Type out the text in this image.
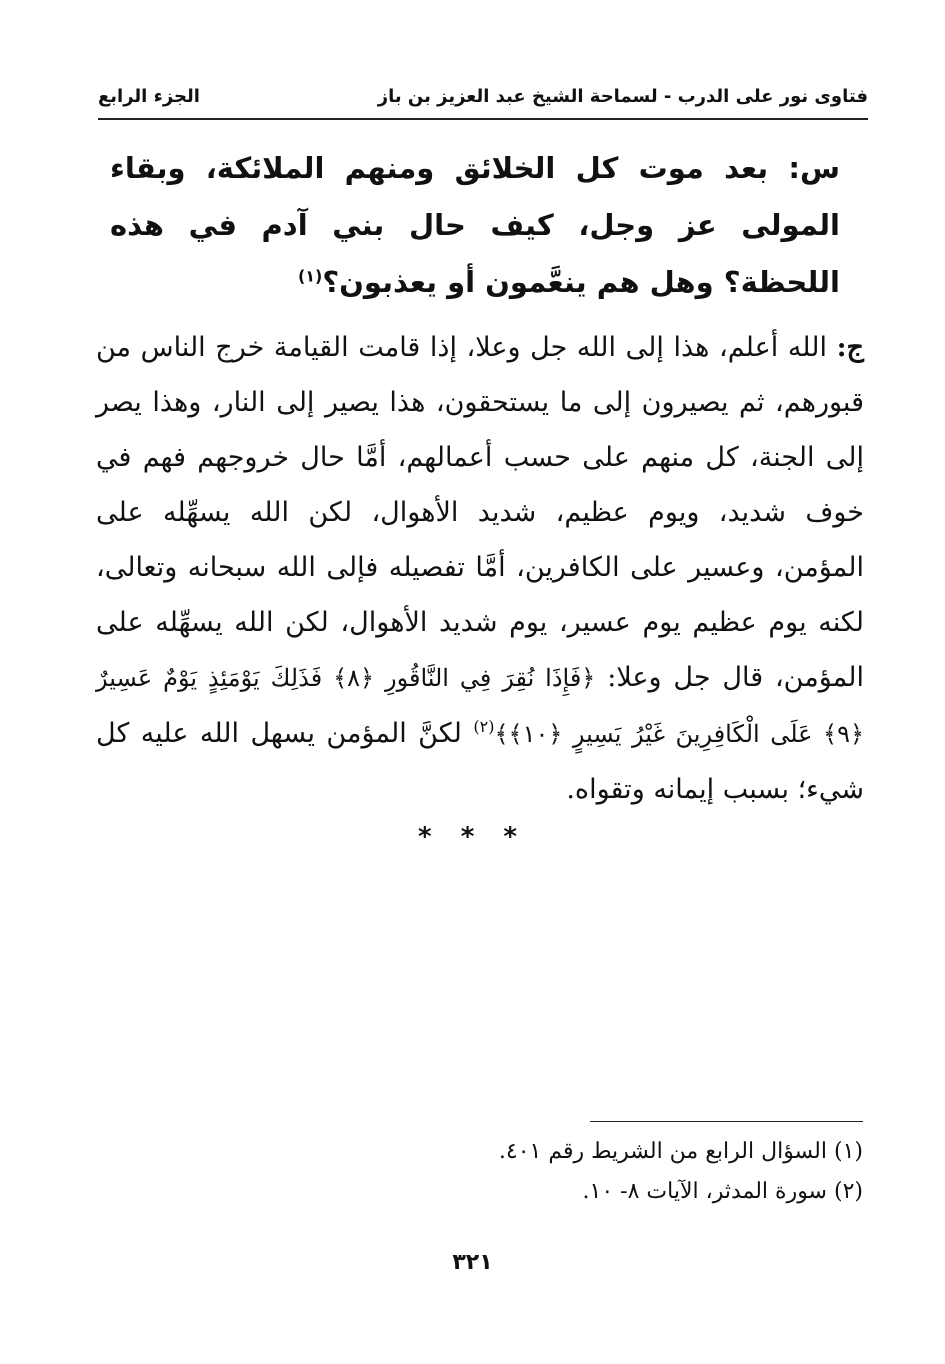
فتاوى نور على الدرب - لسماحة الشيخ عبد العزيز بن باز
الجزء الرابع
س: بعد موت كل الخلائق ومنهم الملائكة، وبقاء المولى عز وجل، كيف حال بني آدم في هذه اللحظة؟ وهل هم ينعَّمون أو يعذبون؟$^{(١)}$
ج: الله أعلم، هذا إلى الله جل وعلا، إذا قامت القيامة خرج الناس من قبورهم، ثم يصيرون إلى ما يستحقون، هذا يصير إلى النار، وهذا يصر إلى الجنة، كل منهم على حسب أعمالهم، أمَّا حال خروجهم فهم في خوف شديد، ويوم عظيم، شديد الأهوال، لكن الله يسهِّله على المؤمن، وعسير على الكافرين، أمَّا تفصيله فإلى الله سبحانه وتعالى، لكنه يوم عظيم يوم عسير، يوم شديد الأهوال، لكن الله يسهِّله على المؤمن، قال جل وعلا: ﴿فَإِذَا نُقِرَ فِي النَّاقُورِ ﴿٨﴾ فَذَلِكَ يَوْمَئِذٍ يَوْمٌ عَسِيرٌ ﴿٩﴾ عَلَى الْكَافِرِينَ غَيْرُ يَسِيرٍ ﴿١٠﴾﴾$^{(٢)}$ لكنَّ المؤمن يسهل الله عليه كل شيء؛ بسبب إيمانه وتقواه.
* * *
(١) السؤال الرابع من الشريط رقم ٤٠١.
(٢) سورة المدثر، الآيات ٨- ١٠.
٣٢١
